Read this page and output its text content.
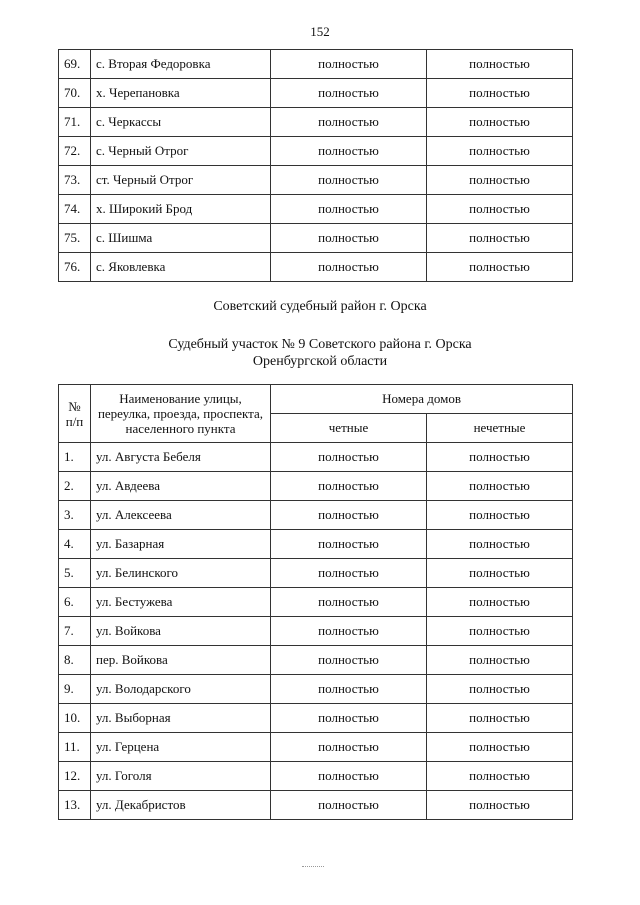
152
69.	с. Вторая Федоровка	полностью	полностью
70.	х. Черепановка	полностью	полностью
71.	с. Черкассы	полностью	полностью
72.	с. Черный Отрог	полностью	полностью
73.	ст. Черный Отрог	полностью	полностью
74.	х. Широкий Брод	полностью	полностью
75.	с. Шишма	полностью	полностью
76.	с. Яковлевка	полностью	полностью
Советский судебный район г. Орска
Судебный участок № 9 Советского района г. Орска
Оренбургской области
№ п/п	Наименование улицы, переулка, проезда, проспекта, населенного пункта	Номера домов	
		четные	нечетные
1.	ул. Августа Бебеля	полностью	полностью
2.	ул. Авдеева	полностью	полностью
3.	ул. Алексеева	полностью	полностью
4.	ул. Базарная	полностью	полностью
5.	ул. Белинского	полностью	полностью
6.	ул. Бестужева	полностью	полностью
7.	ул. Войкова	полностью	полностью
8.	пер. Войкова	полностью	полностью
9.	ул. Володарского	полностью	полностью
10.	ул. Выборная	полностью	полностью
11.	ул. Герцена	полностью	полностью
12.	ул. Гоголя	полностью	полностью
13.	ул. Декабристов	полностью	полностью
